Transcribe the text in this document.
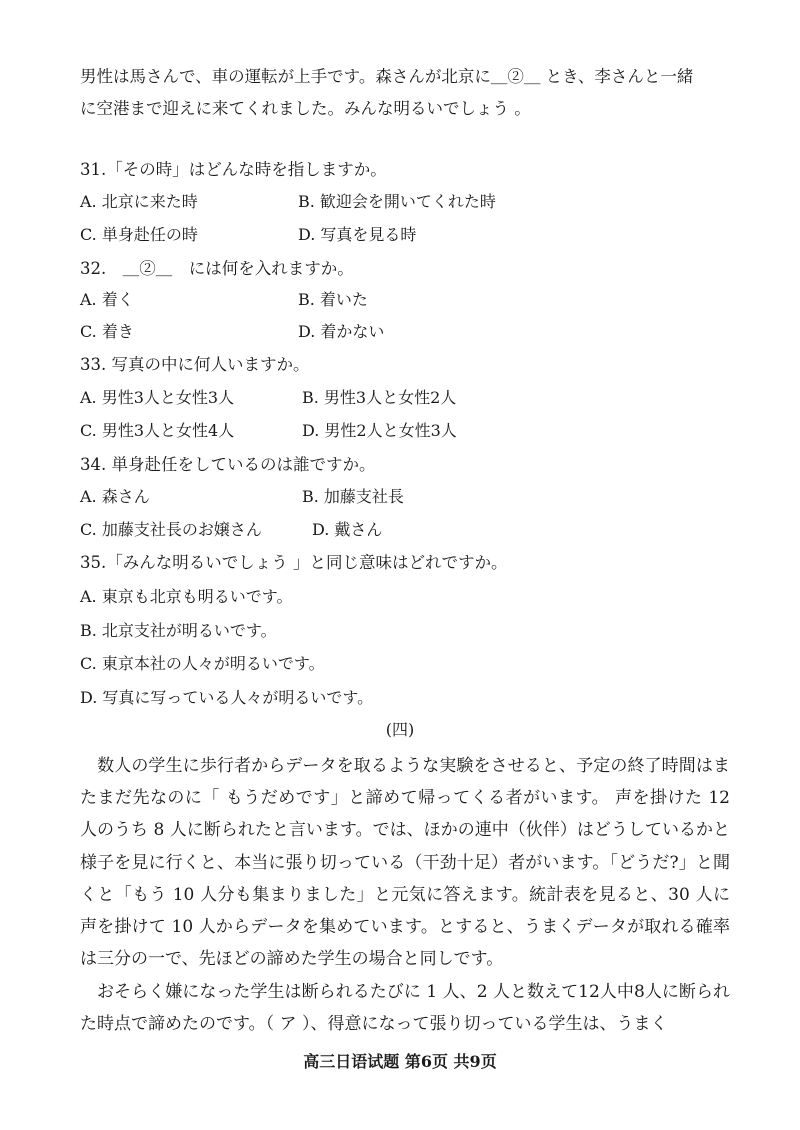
男性は馬さんで、車の運転が上手です。森さんが北京に＿②＿ とき、李さんと一緒
に空港まで迎えに来てくれました。みんな明るいでしょう 。
31.「その時」はどんな時を指しますか。
A. 北京に来た時	B. 歓迎会を開いてくれた時
C. 単身赴任の時	D. 写真を見る時
32.　＿②＿　には何を入れますか。
A. 着く	B. 着いた
C. 着き	D. 着かない
33. 写真の中に何人いますか。
A. 男性3人と女性3人	B. 男性3人と女性2人
C. 男性3人と女性4人	D. 男性2人と女性3人
34. 単身赴任をしているのは誰ですか。
A. 森さん	B. 加藤支社長
C. 加藤支社長のお嬢さん	D. 戴さん
35.「みんな明るいでしょう 」と同じ意味はどれですか。
A. 東京も北京も明るいです。
B. 北京支社が明るいです。
C. 東京本社の人々が明るいです。
D. 写真に写っている人々が明るいです。
(四)
　数人の学生に歩行者からデータを取るような実験をさせると、予定の終了時間はまたまだ先なのに「 もうだめです」と諦めて帰ってくる者がいます。 声を掛けた 12 人のうち 8 人に断られたと言います。では、ほかの連中（伙伴）はどうしているかと様子を見に行くと、本当に張り切っている（干劲十足）者がいます。「どうだ?」と聞くと「もう 10 人分も集まりました」と元気に答えます。統計表を見ると、30 人に声を掛けて 10 人からデータを集めています。とすると、うまくデータが取れる確率は三分の一で、先ほどの諦めた学生の場合と同しです。
　おそらく嫌になった学生は断られるたびに 1 人、2 人と数えて12人中8人に断られた時点で諦めたのです。（ ア ）、得意になって張り切っている学生は、うまく
高三日语试题 第6页 共9页
